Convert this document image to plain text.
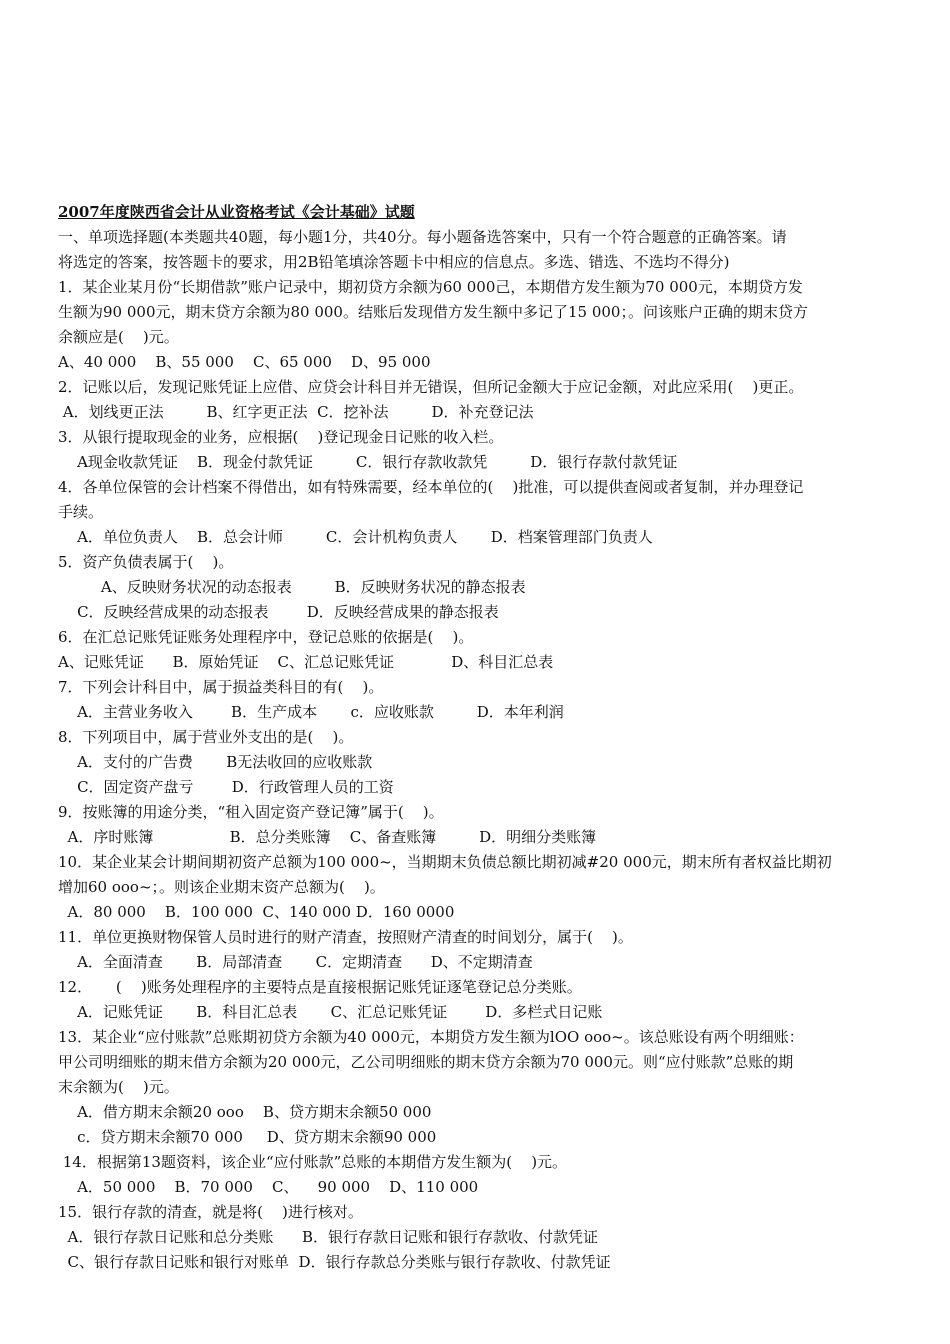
2007年度陕西省会计从业资格考试《会计基础》试题
一、单项选择题(本类题共40题，每小题1分，共40分。每小题备选答案中，只有一个符合题意的正确答案。请
将选定的答案，按答题卡的要求，用2B铅笔填涂答题卡中相应的信息点。多选、错选、不选均不得分)
1．某企业某月份“长期借款”账户记录中，期初贷方余额为60 000己，本期借方发生额为70 000元，本期贷方发
生额为90 000元，期末贷方余额为80 000。结账后发现借方发生额中多记了15 000；。问该账户正确的期末贷方
余额应是(    )元。
A、40 000    B、55 000    C、65 000    D、95 000
2．记账以后，发现记账凭证上应借、应贷会计科目并无错误，但所记金额大于应记金额，对此应采用(    )更正。
A．划线更正法         B、红字更正法  C．挖补法         D．补充登记法
3．从银行提取现金的业务，应根据(    )登记现金日记账的收入栏。
A现金收款凭证    B．现金付款凭证         C．银行存款收款凭         D．银行存款付款凭证
4．各单位保管的会计档案不得借出，如有特殊需要，经本单位的(    )批准，可以提供查阅或者复制，并办理登记
手续。
A．单位负责人    B．总会计师         C．会计机构负责人       D．档案管理部门负责人
5．资产负债表属于(    )。
A、反映财务状况的动态报表         B．反映财务状况的静态报表
C．反映经营成果的动态报表        D．反映经营成果的静态报表
6．在汇总记账凭证账务处理程序中，登记总账的依据是(    )。
A、记账凭证      B．原始凭证    C、汇总记账凭证            D、科目汇总表
7．下列会计科目中，属于损益类科目的有(    )。
A．主营业务收入        B．生产成本       c．应收账款         D．本年利润
8．下列项目中，属于营业外支出的是(    )。
A．支付的广告费       B无法收回的应收账款
C．固定资产盘亏        D．行政管理人员的工资
9．按账簿的用途分类，“租入固定资产登记簿”属于(    )。
A．序时账簿                B．总分类账簿    C、备查账簿         D．明细分类账簿
10．某企业某会计期间期初资产总额为100 000~，当期期末负债总额比期初减#20 000元，期末所有者权益比期初
增加60 ooo~；。则该企业期末资产总额为(    )。
A．80 000    B．100 000  C、140 000 D．160 0000
11．单位更换财物保管人员时进行的财产清查，按照财产清查的时间划分，属于(    )。
A．全面清查       B．局部清查       C．定期清查      D、不定期清查
12．     (    )账务处理程序的主要特点是直接根据记账凭证逐笔登记总分类账。
A．记账凭证       B．科目汇总表       C、汇总记账凭证        D．多栏式日记账
13．某企业“应付账款”总账期初贷方余额为40 000元，本期贷方发生额为lOO ooo~。该总账设有两个明细账：
甲公司明细账的期末借方余额为20 000元，乙公司明细账的期末贷方余额为70 000元。则“应付账款”总账的期
末余额为(    )元。
A．借方期末余额20 ooo    B、贷方期末余额50 000
c．贷方期末余额70 000     D、贷方期末余额90 000
14．根据第13题资料，该企业“应付账款”总账的本期借方发生额为(    )元。
A．50 000    B．70 000    C、    90 000    D、110 000
15．银行存款的清查，就是将(    )进行核对。
A．银行存款日记账和总分类账      B．银行存款日记账和银行存款收、付款凭证
C、银行存款日记账和银行对账单  D．银行存款总分类账与银行存款收、付款凭证
